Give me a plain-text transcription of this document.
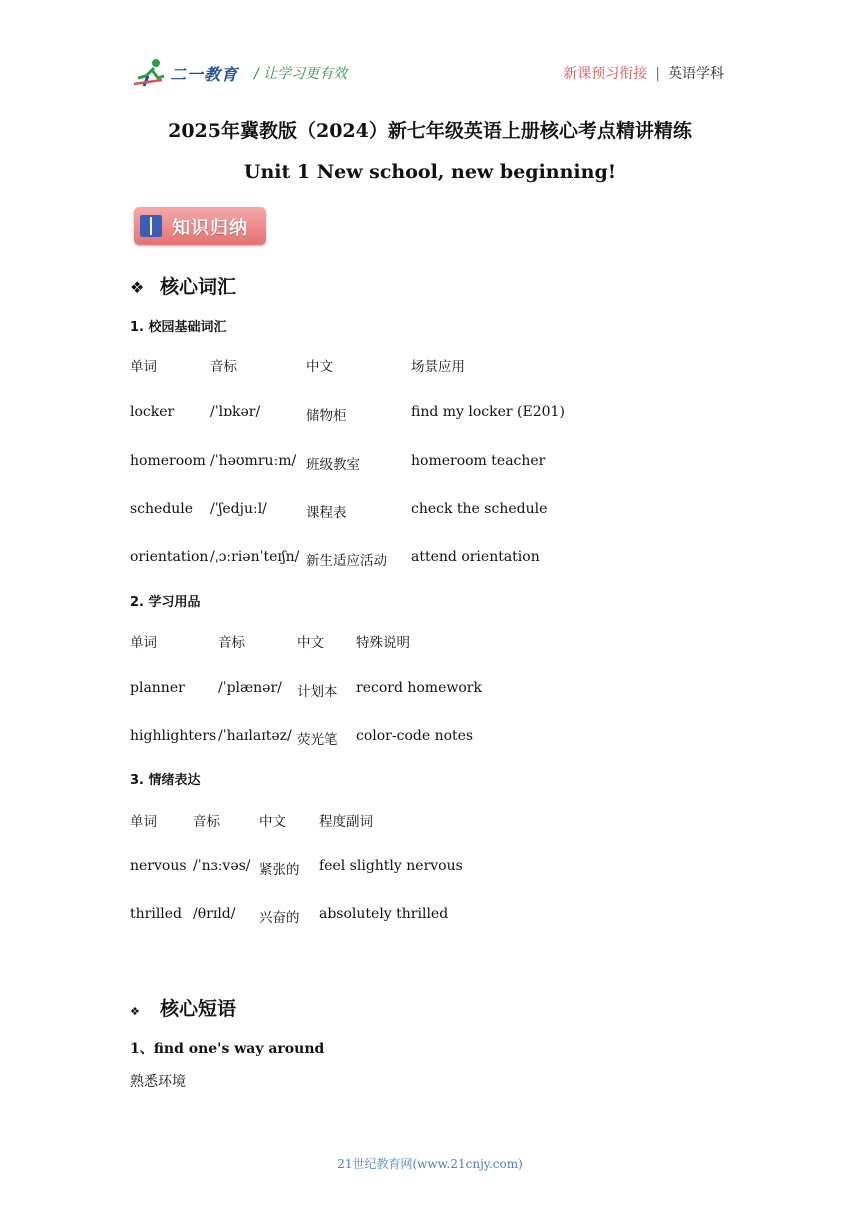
二一教育 / 让学习更有效	新课预习衔接 | 英语学科
2025年冀教版（2024）新七年级英语上册核心考点精讲精练
Unit 1 New school, new beginning!
知识归纳
❖ 核心词汇
1. 校园基础词汇
单词	音标	中文	场景应用
locker	/ˈlɒkər/	储物柜	find my locker (E201)
homeroom /ˈhəʊmruːm/ 班级教室	homeroom teacher
schedule /ˈʃedjuːl/	课程表	check the schedule
orientation /ˌɔːriənˈteɪʃn/ 新生适应活动 attend orientation
2. 学习用品
单词	音标	中文 特殊说明
planner /ˈplænər/ 计划本 record homework
highlighters /ˈhaɪlaɪtəz/ 荧光笔 color-code notes
3. 情绪表达
单词	音标	中文 程度副词
nervous /ˈnɜːvəs/ 紧张的 feel slightly nervous
thrilled /θrɪld/ 兴奋的 absolutely thrilled
❖ 核心短语
1、find one's way around
熟悉环境
21世纪教育网(www.21cnjy.com)
